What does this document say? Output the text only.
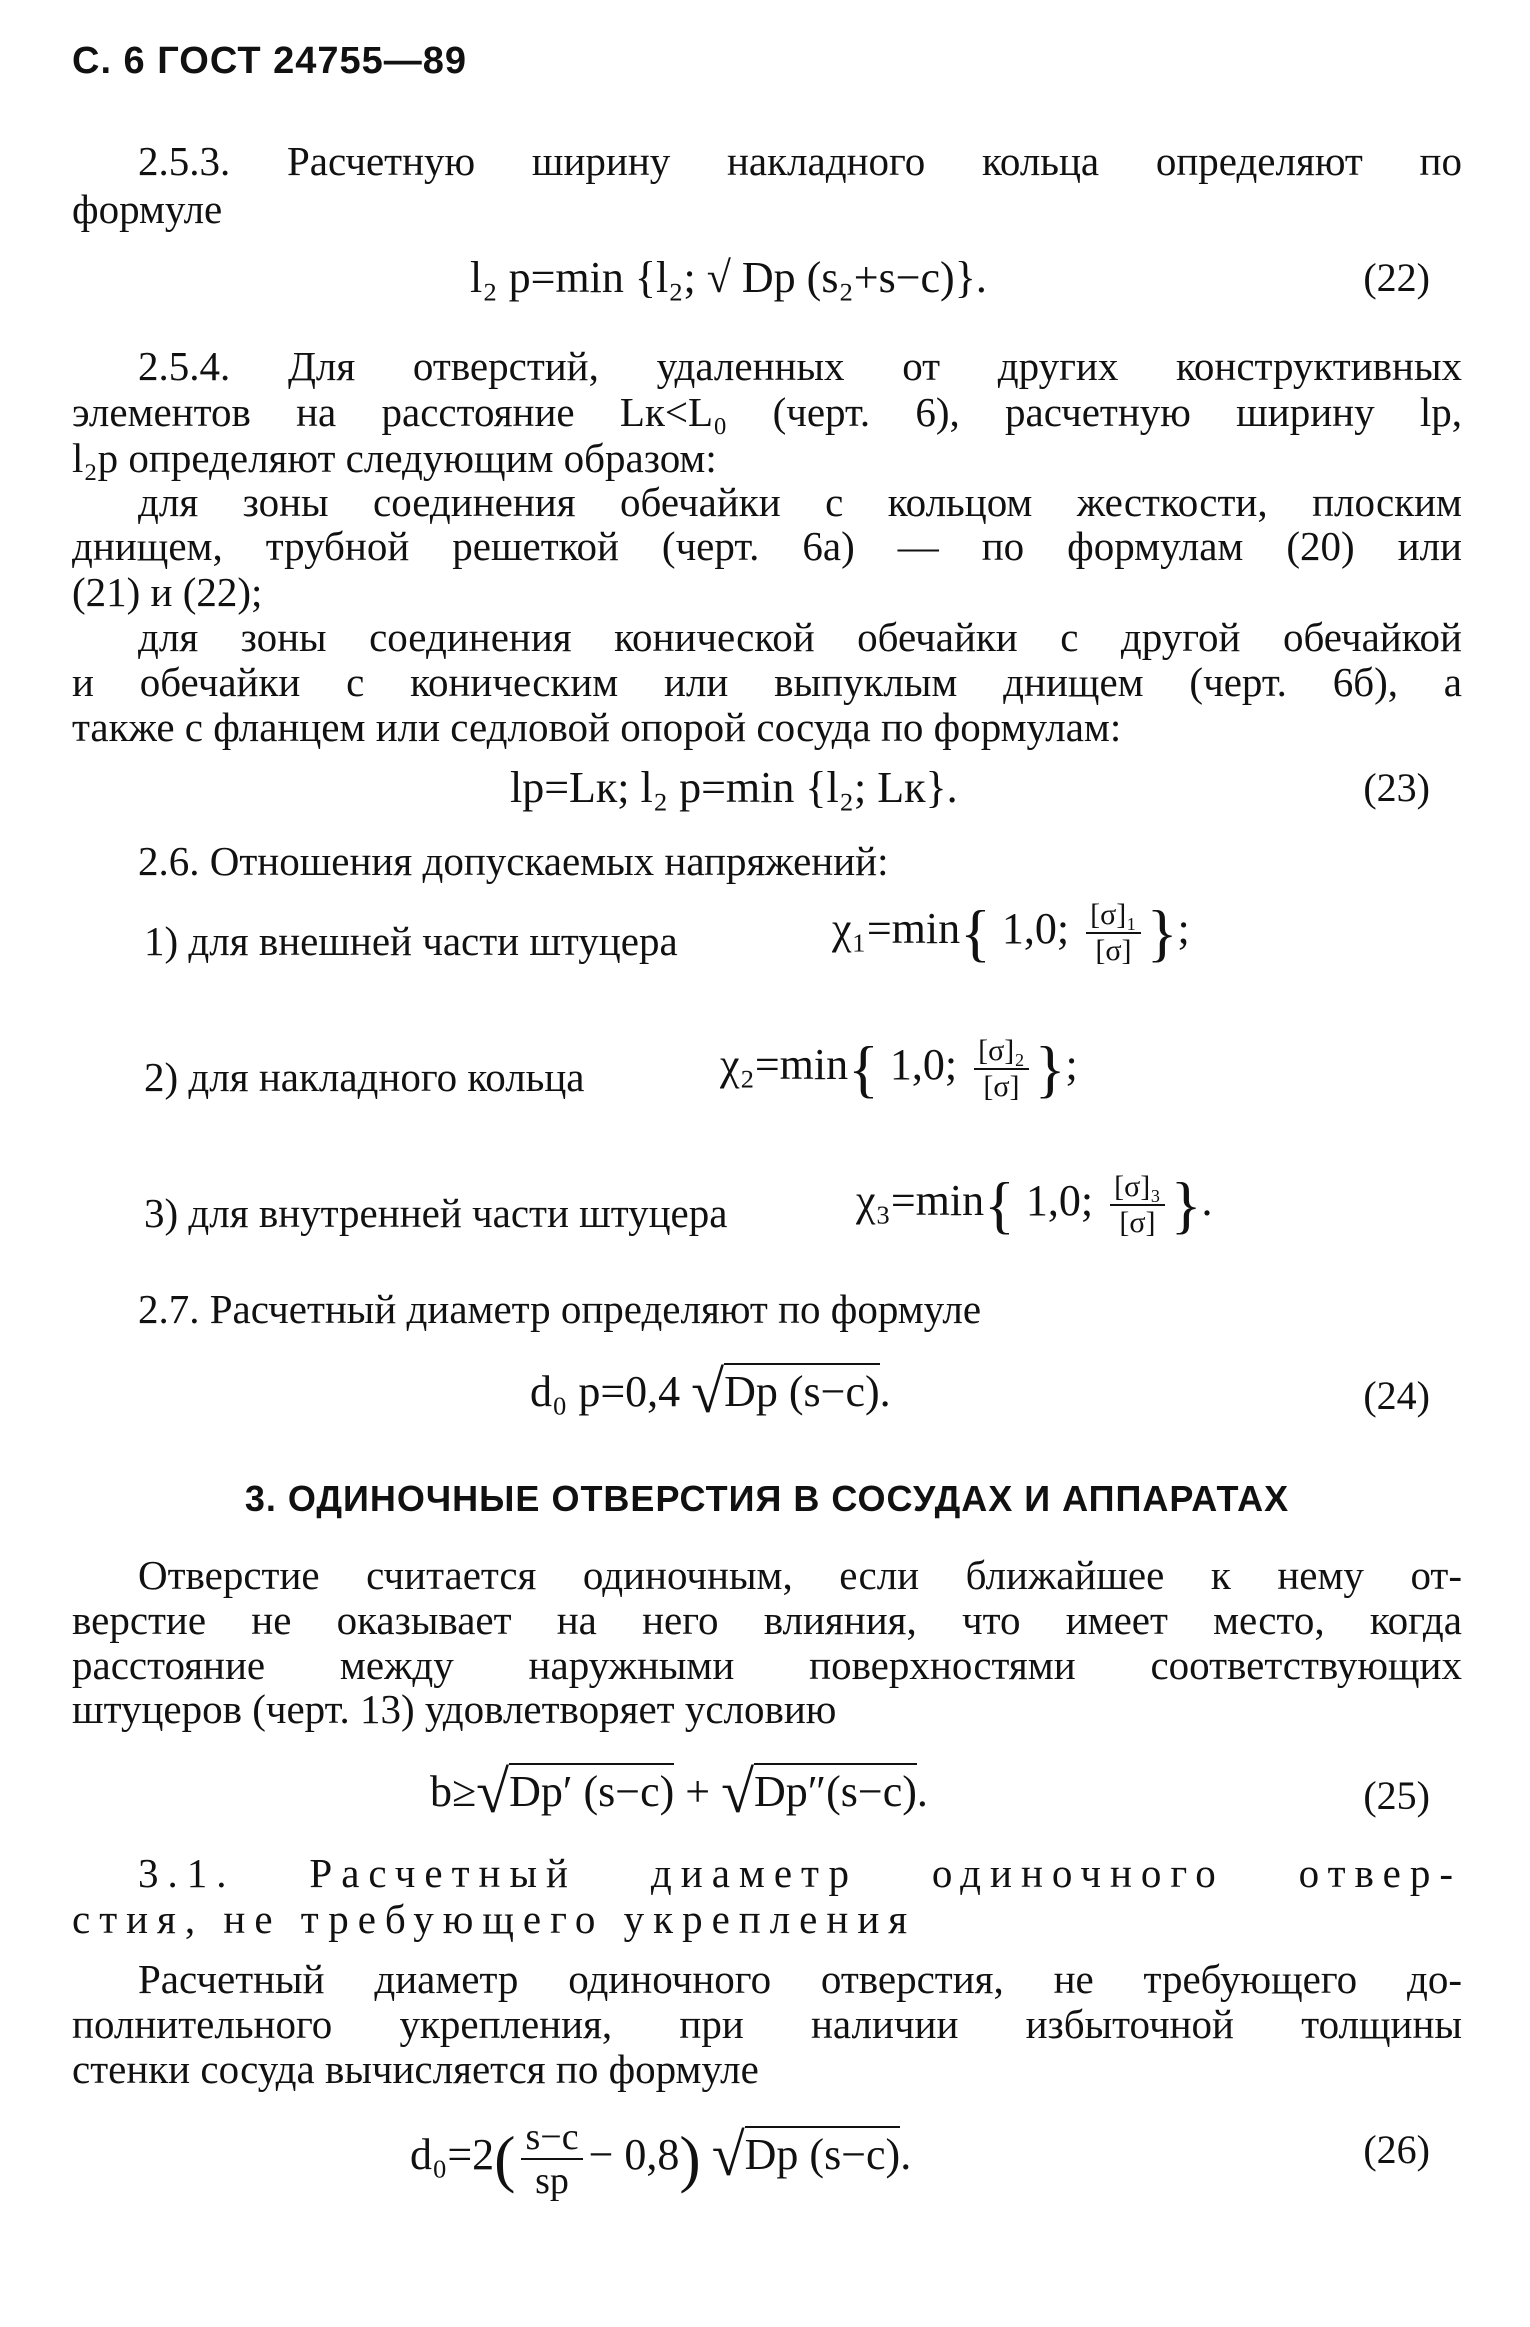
С. 6 ГОСТ 24755—89
2.5.3. Расчетную ширину накладного кольца определяют по
формуле
l₂ р=min {l₂; √ Dр (s₂+s−c)}.	(22)
2.5.4. Для отверстий, удаленных от других конструктивных
элементов на расстояние Lк<L₀ (черт. 6), расчетную ширину lр,
l₂р определяют следующим образом:
для зоны соединения обечайки с кольцом жесткости, плоским
днищем, трубной решеткой (черт. 6а) — по формулам (20) или
(21) и (22);
для зоны соединения конической обечайки с другой обечайкой
и обечайки с коническим или выпуклым днищем (черт. 6б), а
также с фланцем или седловой опорой сосуда по формулам:
lр=Lк; l₂ р=min {l₂; Lк}.	(23)
2.6. Отношения допускаемых напряжений:
1) для внешней части штуцера	χ₁=min{ 1,0; $\frac{\text{[σ]₁}}{[\sigma]}$ };
2) для накладного кольца	χ₂=min{ 1,0; $\frac{\text{[σ]₂}}{[\sigma]}$ };
3) для внутренней части штуцера	χ₃=min{ 1,0; $\frac{\text{[σ]₃}}{[\sigma]}$ }.
2.7. Расчетный диаметр определяют по формуле
d₀ р=0,4 √Dр (s−c).	(24)
3. ОДИНОЧНЫЕ ОТВЕРСТИЯ В СОСУДАХ И АППАРАТАХ
Отверстие считается одиночным, если ближайшее к нему от-
верстие не оказывает на него влияния, что имеет место, когда
расстояние между наружными поверхностями соответствующих
штуцеров (черт. 13) удовлетворяет условию
b≥√Dр′ (s−c) + √Dр″(s−c).	(25)
3.1. Расчетный диаметр одиночного отвер-
стия, не требующего укрепления
Расчетный диаметр одиночного отверстия, не требующего до-
полнительного укрепления, при наличии избыточной толщины
стенки сосуда вычисляется по формуле
$d_0=2( \frac{s-c}{sр} - 0,8)$ √Dр (s−c).	(26)
